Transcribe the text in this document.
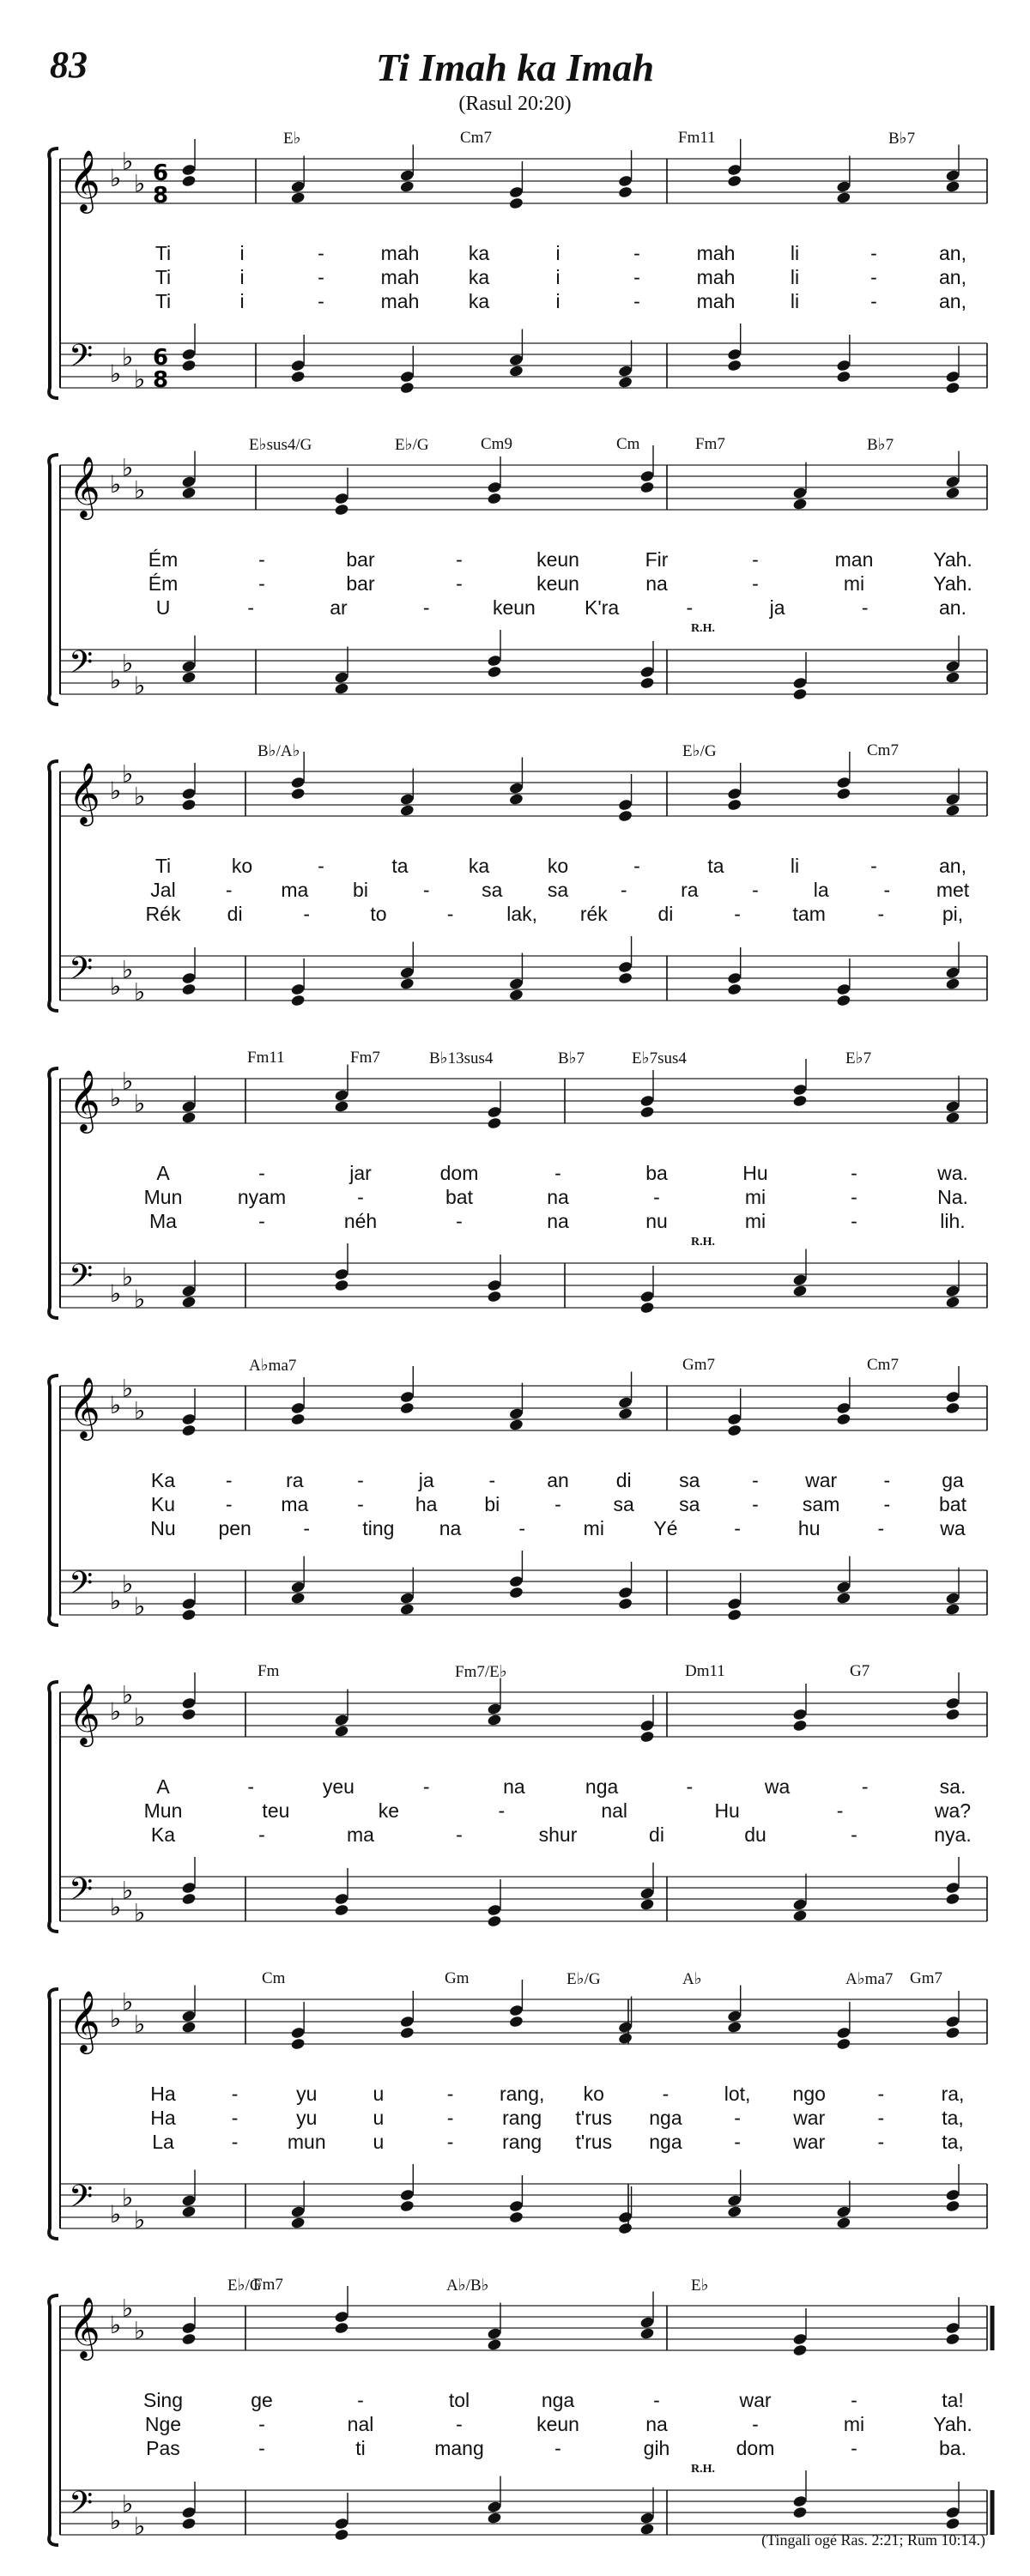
83	Ti Imah ka Imah
(Rasul 20:20)
𝄞 ♭
♭
♭ 6
8
𝄢 ♭
♭
♭
6
8
E♭	Cm7	Fm11	B♭7
Ti	i	-	mah ka	i	-	mah	li	-	an,
Ti	i	-	mah ka	i	-	mah	li	-	an,
Ti	i	-	mah ka	i	-	mah	li	-	an,
𝄞 ♭
♭
♭
𝄢 ♭
♭
♭
E♭sus4/G	E♭/G	Cm9	Cm	Fm7	B♭7
R.H.
Ém	-	bar	-	keun	Fir	-	man	Yah.
Ém	-	bar	-	keun	na	-	mi	Yah.
U	-	ar	-	keun K'ra	-	ja	-	an.
𝄞 ♭
♭
♭
𝄢 ♭
♭
♭
B♭/A♭	E♭/G	Cm7
Ti	ko	-	ta	ka	ko	-	ta	li	-	an,
Jal	- ma bi	-	sa sa	-	ra	-	la	- met
Rék di	-	to	-	lak, rék	di	-	tam	-	pi,
𝄞 ♭
♭
♭
𝄢 ♭
♭
♭
Fm11	Fm7	B♭13sus4	B♭7	E♭7sus4	E♭7
R.H.
A	-	jar	dom	-	ba	Hu	-	wa.
Mun	nyam	-	bat	na	-	mi	-	Na.
Ma	-	néh	-	na	nu	mi	-	lih.
𝄞 ♭
♭
♭
𝄢 ♭
♭
♭
A♭ma7	Gm7	Cm7
Ka	-	ra	-	ja	-	an di sa	- war -	ga
Ku	- ma -	ha bi	-	sa sa	- sam - bat
Nu pen	-	ting na	-	mi Yé	-	hu	-	wa
𝄞 ♭
♭
♭
𝄢 ♭
♭
♭
Fm	Fm7/E♭	Dm11	G7
A	-	yeu	-	na	nga	-	wa	-	sa.
Mun	teu	ke	-	nal	Hu	-	wa?
Ka	-	ma	-	shur	di	du	-	nya.
𝄞 ♭
♭
♭
𝄢 ♭
♭
♭
Cm	Gm	E♭/G	A♭	A♭ma7 Gm7
Ha	-	yu	u	- rang, ko	-	lot, ngo	-	ra,
Ha	-	yu	u	- rang t'rus nga	-	war	-	ta,
La	- mun u	- rang t'rus nga	-	war	-	ta,
𝄞 ♭
♭
♭
𝄢 ♭
♭
♭
E♭/G
Fm7	A♭/B♭	E♭
R.H.
Sing	ge	-	tol	nga	-	war	-	ta!
Nge	-	nal	-	keun	na	-	mi	Yah.
Pas	-	ti	mang	-	gih	dom	-	ba.
(Tingali ogé Ras. 2:21; Rum 10:14.)
